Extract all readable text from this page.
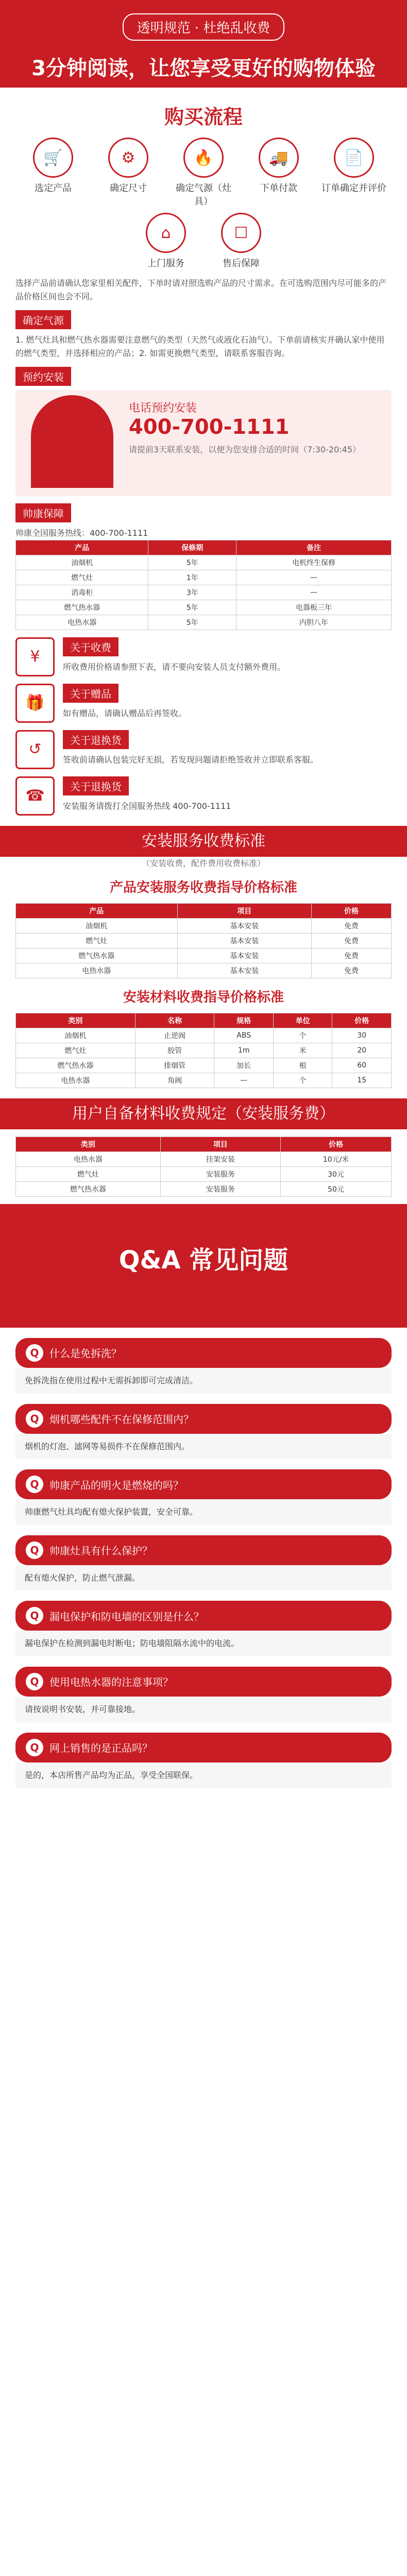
透明规范 · 杜绝乱收费
3分钟阅读，让您享受更好的购物体验
购买流程
🛒
选定产品
⚙
确定尺寸
🔥
确定气源（灶具）
🚚
下单付款
📄
订单确定并评价
⌂
上门服务
☐
售后保障
选择产品前请确认您家里相关配件，下单时请对照选购产品的尺寸需求。在可选购范围内尽可能多的产品价格区间也会不同。
确定气源
1. 燃气灶具和燃气热水器需要注意燃气的类型（天然气或液化石油气）。下单前请核实并确认家中使用的燃气类型，并选择相应的产品；2. 如需更换燃气类型，请联系客服咨询。
预约安装
电话预约安装
400-700-1111
请提前3天联系安装，以便为您安排合适的时间（7:30-20:45）
帅康保障
帅康全国服务热线：400-700-1111
产品	保修期	备注
油烟机	5年	电机终生保修
燃气灶	1年	—
消毒柜	3年	—
燃气热水器	5年	电器板三年
电热水器	5年	内胆八年
¥
关于收费
所收费用价格请参照下表，请不要向安装人员支付额外费用。
🎁
关于赠品
如有赠品，请确认赠品后再签收。
↺
关于退换货
签收前请确认包装完好无损，若发现问题请拒绝签收并立即联系客服。
☎
关于退换货
安装服务请拨打全国服务热线 400-700-1111
安装服务收费标准
（安装收费，配件费用收费标准）
产品安装服务收费指导价格标准
产品	项目	价格
油烟机	基本安装	免费
燃气灶	基本安装	免费
燃气热水器	基本安装	免费
电热水器	基本安装	免费
安装材料收费指导价格标准
类别	名称	规格	单位	价格
油烟机	止逆阀	ABS	个	30
燃气灶	胶管	1m	米	20
燃气热水器	排烟管	加长	根	60
电热水器	角阀	—	个	15
用户自备材料收费规定（安装服务费）
类别	项目	价格
电热水器	挂架安装	10元/米
燃气灶	安装服务	30元
燃气热水器	安装服务	50元
Q&A 常见问题
Q	什么是免拆洗？
免拆洗指在使用过程中无需拆卸即可完成清洁。
Q	烟机哪些配件不在保修范围内？
烟机的灯泡、滤网等易损件不在保修范围内。
Q	帅康产品的明火是燃烧的吗？
帅康燃气灶具均配有熄火保护装置，安全可靠。
Q	帅康灶具有什么保护？
配有熄火保护，防止燃气泄漏。
Q	漏电保护和防电墙的区别是什么？
漏电保护在检测到漏电时断电；防电墙阻隔水流中的电流。
Q	使用电热水器的注意事项？
请按说明书安装，并可靠接地。
Q	网上销售的是正品吗？
是的，本店所售产品均为正品，享受全国联保。
